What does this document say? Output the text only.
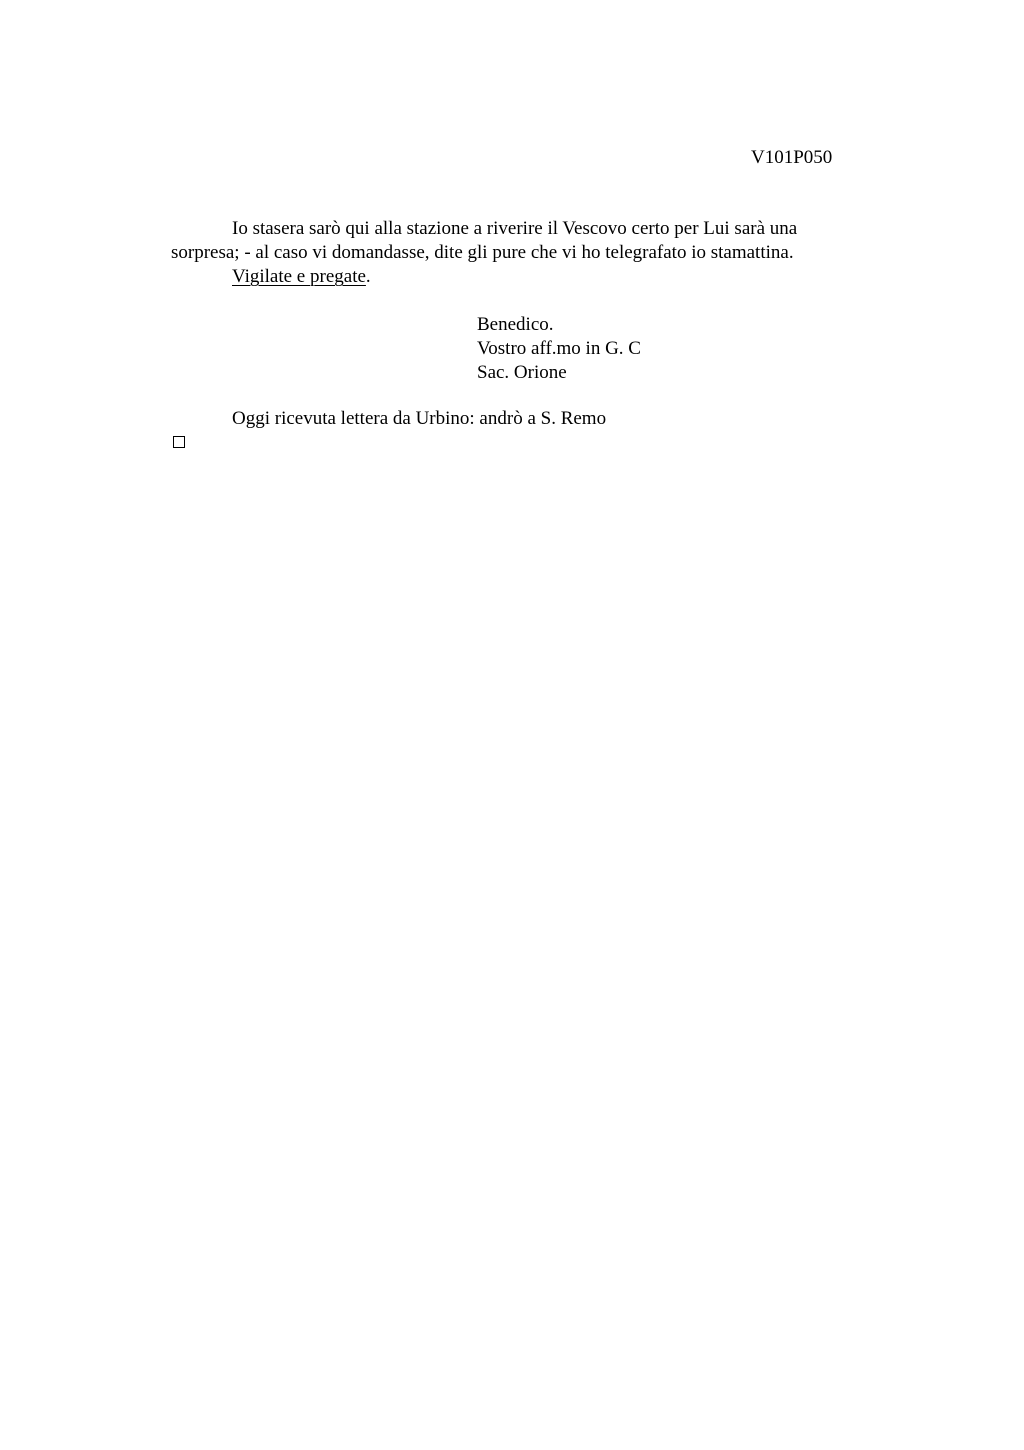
V101P050
Io stasera sarò qui alla stazione a riverire il Vescovo certo per Lui sarà una
sorpresa; - al caso vi domandasse, dite gli pure che vi ho telegrafato io stamattina.
Vigilate e pregate.
Benedico.
Vostro aff.mo in G. C
Sac. Orione
Oggi ricevuta lettera da Urbino: andrò a S. Remo
